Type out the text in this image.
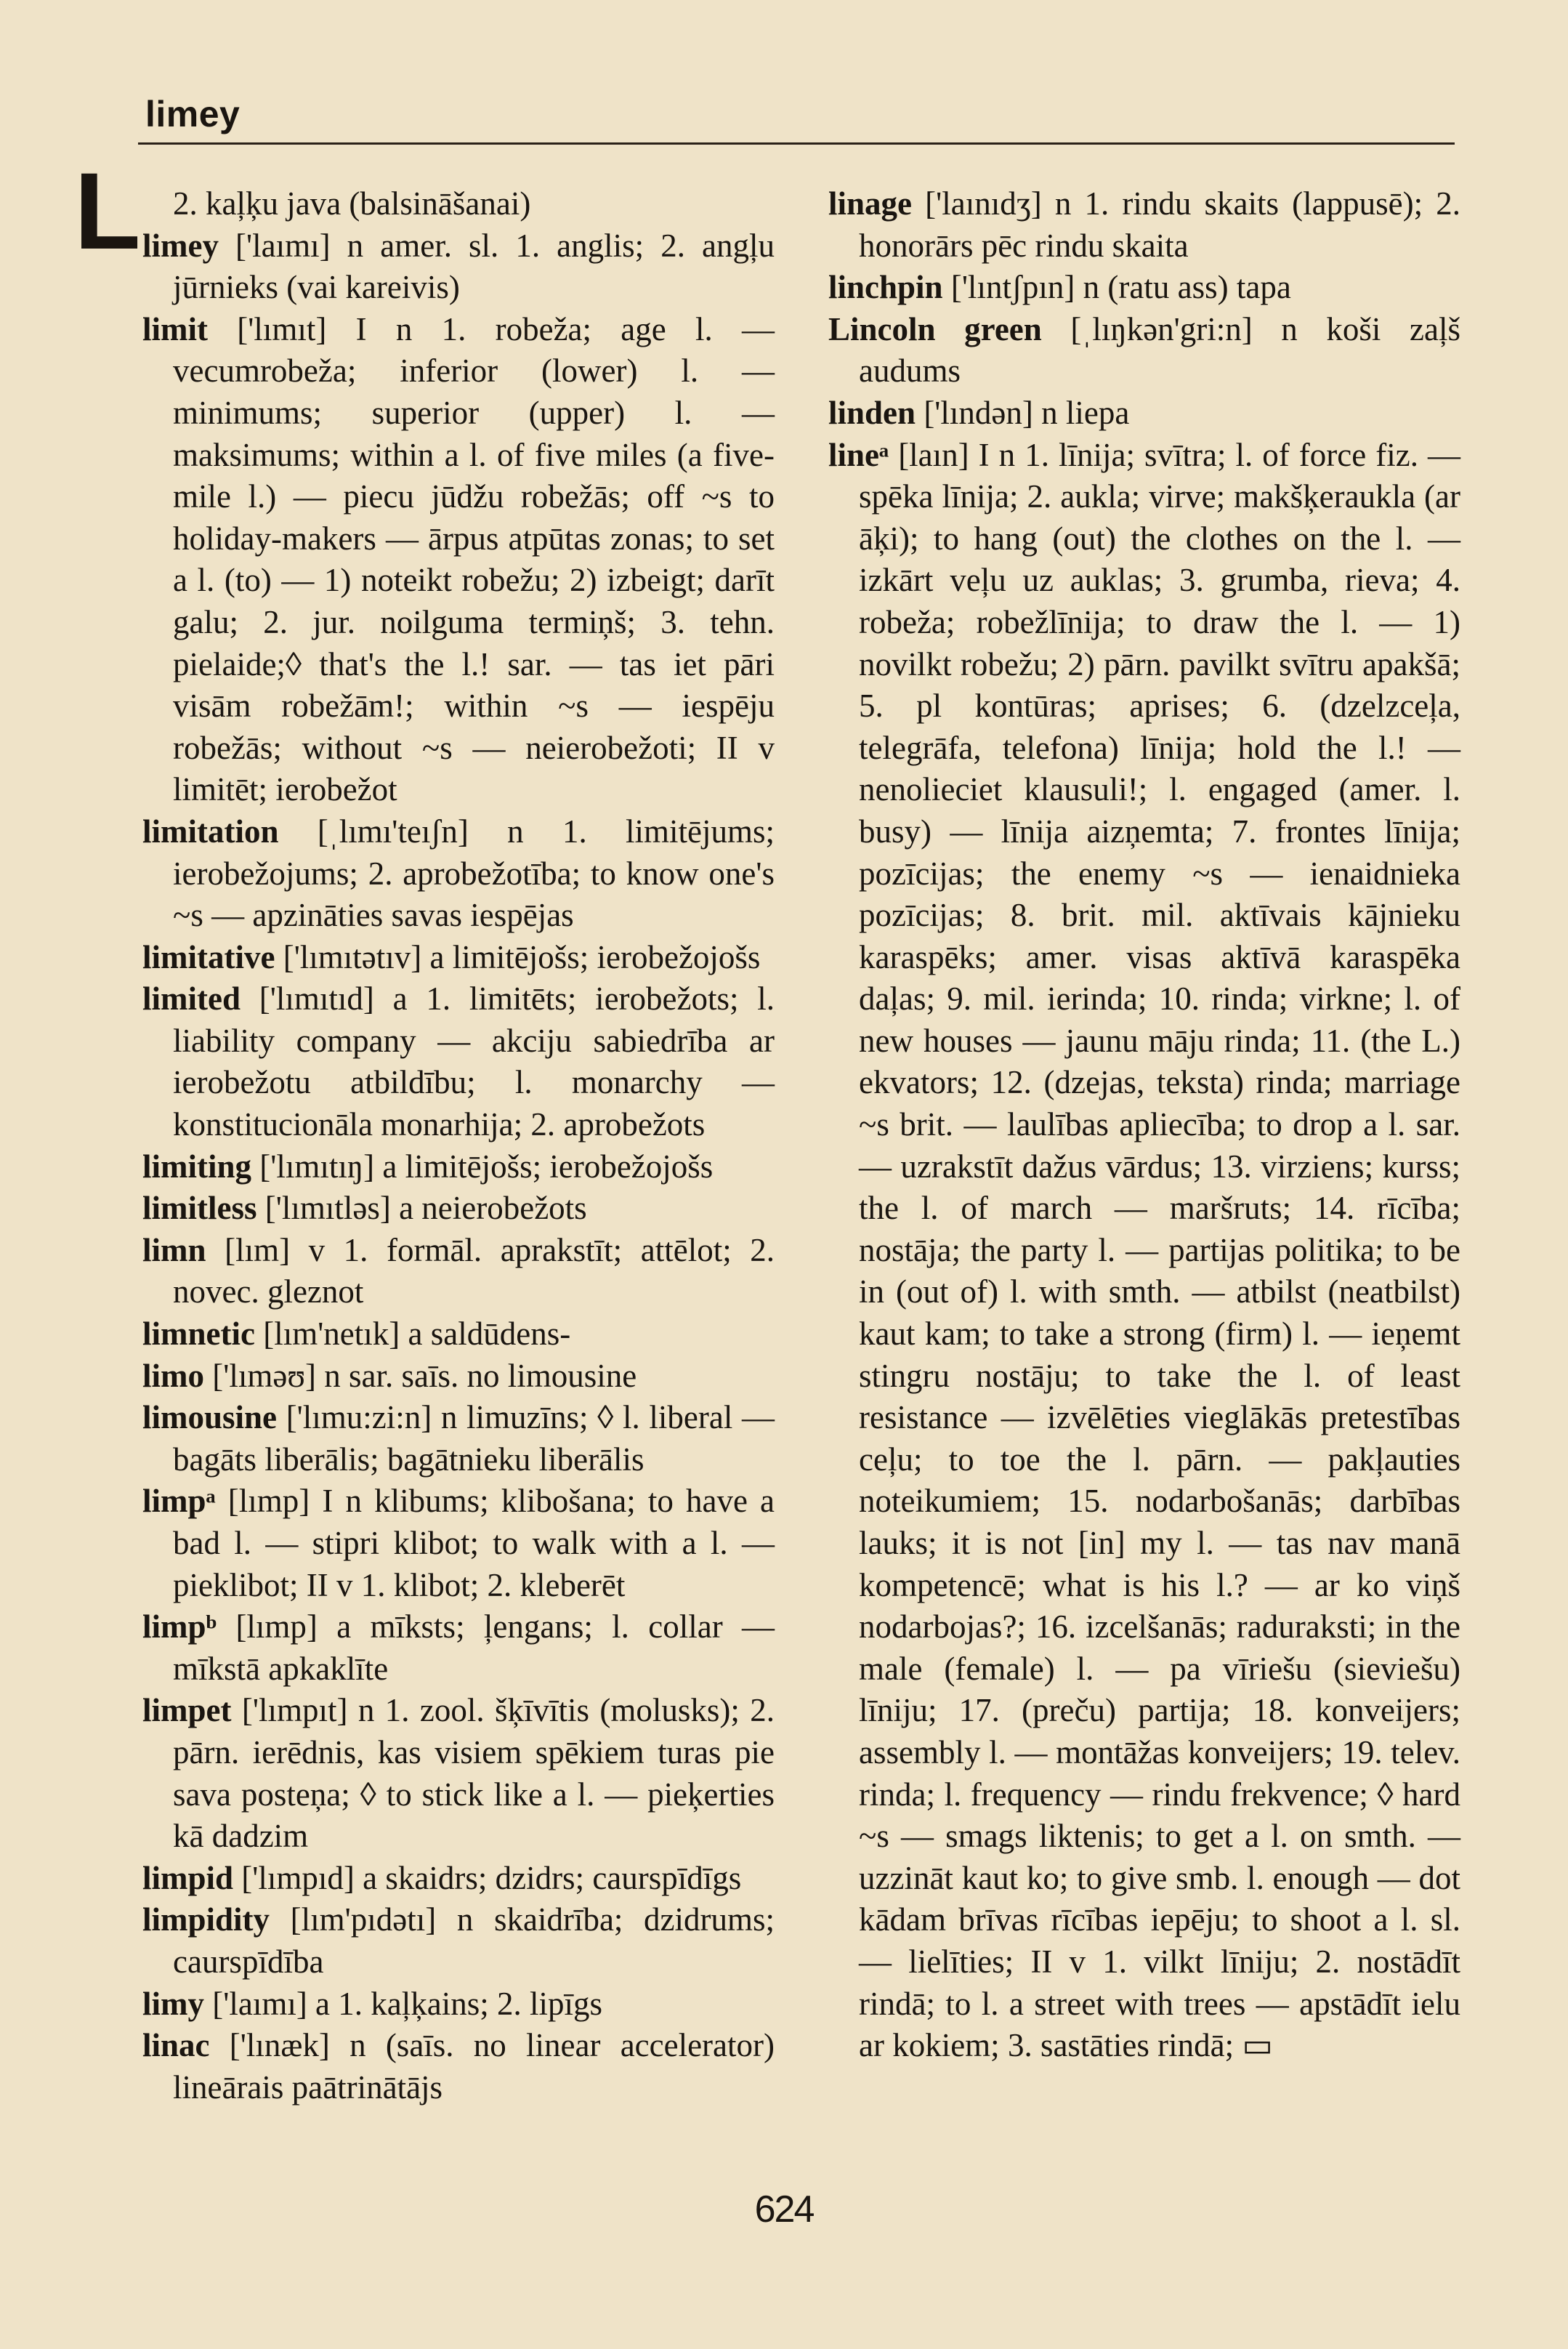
limey
L 2. kaļķu java (balsināšanai)

limey ['laımı] n amer. sl. 1. anglis; 2. angļu jūrnieks (vai kareivis)

limit ['lımıt] I n 1. robeža; age l. — vecumrobeža; inferior (lower) l. — minimums; superior (upper) l. — maksimums; within a l. of five miles (a five-mile l.) — piecu jūdžu robežās; off ~s to holiday-makers — ārpus atpūtas zonas; to set a l. (to) — 1) noteikt robežu; 2) izbeigt; darīt galu; 2. jur. noilguma termiņš; 3. tehn. pielaide;◊ that's the l.! sar. — tas iet pāri visām robežām!; within ~s — iespēju robežās; without ~s — neierobežoti; II v limitēt; ierobežot

limitation [ˌlımı'teıʃn] n 1. limitējums; ierobežojums; 2. aprobežotība; to know one's ~s — apzināties savas iespējas

limitative ['lımıtətıv] a limitējošs; ierobežojošs

limited ['lımıtıd] a 1. limitēts; ierobežots; l. liability company — akciju sabiedrība ar ierobežotu atbildību; l. monarchy — konstitucionāla monarhija; 2. aprobežots

limiting ['lımıtıŋ] a limitējošs; ierobežojošs

limitless ['lımıtləs] a neierobežots

limn [lım] v 1. formāl. aprakstīt; attēlot; 2. novec. gleznot

limnetic [lım'netık] a saldūdens-

limo ['lıməʊ] n sar. saīs. no limousine

limousine ['lımu:zi:n] n limuzīns; ◊ l. liberal — bagāts liberālis; bagātnieku liberālis

limpᵃ [lımp] I n klibums; klibošana; to have a bad l. — stipri klibot; to walk with a l. — pieklibot; II v 1. klibot; 2. kleberēt

limpᵇ [lımp] a mīksts; ļengans; l. collar — mīkstā apkaklīte

limpet ['lımpıt] n 1. zool. šķīvītis (molusks); 2. pārn. ierēdnis, kas visiem spēkiem turas pie sava posteņa; ◊ to stick like a l. — pieķerties kā dadzim

limpid ['lımpıd] a skaidrs; dzidrs; caurspīdīgs

limpidity [lım'pıdətı] n skaidrība; dzidrums; caurspīdība

limy ['laımı] a 1. kaļķains; 2. lipīgs

linac ['lınæk] n (saīs. no linear accelerator) lineārais paātrinātājs

linage ['laınıdʒ] n 1. rindu skaits (lappusē); 2. honorārs pēc rindu skaita

linchpin ['lıntʃpın] n (ratu ass) tapa

Lincoln green [ˌlıŋkən'gri:n] n koši zaļš audums

linden ['lındən] n liepa

lineᵃ [laın] I n 1. līnija; svītra; l. of force fiz. — spēka līnija; 2. aukla; virve; makšķeraukla (ar āķi); to hang (out) the clothes on the l. — izkārt veļu uz auklas; 3. grumba, rieva; 4. robeža; robežlīnija; to draw the l. — 1) novilkt robežu; 2) pārn. pavilkt svītru apakšā; 5. pl kontūras; aprises; 6. (dzelzceļa, telegrāfa, telefona) līnija; hold the l.! — nenolieciet klausuli!; l. engaged (amer. l. busy) — līnija aizņemta; 7. frontes līnija; pozīcijas; the enemy ~s — ienaidnieka pozīcijas; 8. brit. mil. aktīvais kājnieku karaspēks; amer. visas aktīvā karaspēka daļas; 9. mil. ierinda; 10. rinda; virkne; l. of new houses — jaunu māju rinda; 11. (the L.) ekvators; 12. (dzejas, teksta) rinda; marriage ~s brit. — laulības apliecība; to drop a l. sar. — uzrakstīt dažus vārdus; 13. virziens; kurss; the l. of march — maršruts; 14. rīcība; nostāja; the party l. — partijas politika; to be in (out of) l. with smth. — atbilst (neatbilst) kaut kam; to take a strong (firm) l. — ieņemt stingru nostāju; to take the l. of least resistance — izvēlēties vieglākās pretestības ceļu; to toe the l. pārn. — pakļauties noteikumiem; 15. nodarbošanās; darbības lauks; it is not [in] my l. — tas nav manā kompetencē; what is his l.? — ar ko viņš nodarbojas?; 16. izcelšanās; raduraksti; in the male (female) l. — pa vīriešu (sieviešu) līniju; 17. (preču) partija; 18. konveijers; assembly l. — montāžas konveijers; 19. telev. rinda; l. frequency — rindu frekvence; ◊ hard ~s — smags liktenis; to get a l. on smth. — uzzināt kaut ko; to give smb. l. enough — dot kādam brīvas rīcības iepēju; to shoot a l. sl. — lielīties; II v 1. vilkt līniju; 2. nostādīt rindā; to l. a street with trees — apstādīt ielu ar kokiem; 3. sastāties rindā; ▭

624
